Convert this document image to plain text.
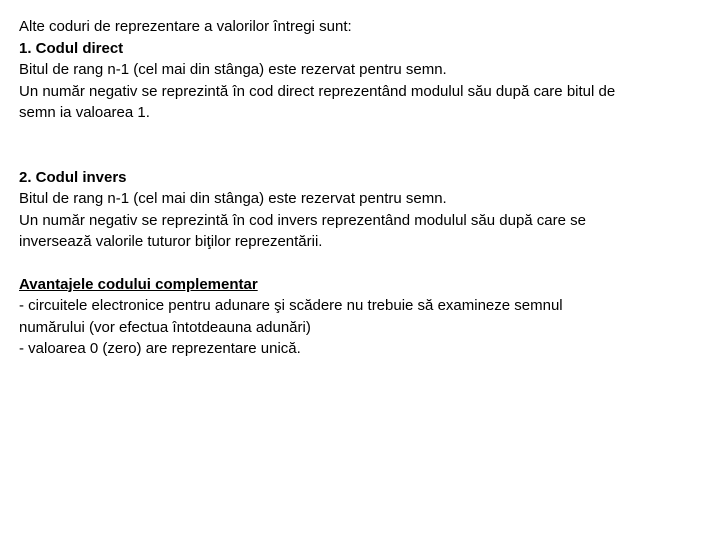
Alte coduri de reprezentare a valorilor întregi sunt:
1. Codul direct
Bitul de rang n-1 (cel mai din stânga) este rezervat pentru semn.
Un număr negativ se reprezintă în cod direct reprezentând modulul său după care bitul de
semn ia valoarea 1.
2. Codul invers
Bitul de rang n-1 (cel mai din stânga) este rezervat pentru semn.
Un număr negativ se reprezintă în cod invers reprezentând modulul său după care se
inversează valorile tuturor biţilor reprezentării.
Avantajele codului complementar
- circuitele electronice pentru adunare şi scădere nu trebuie să examineze semnul
numărului (vor efectua întotdeauna adunări)
- valoarea 0 (zero) are reprezentare unică.
